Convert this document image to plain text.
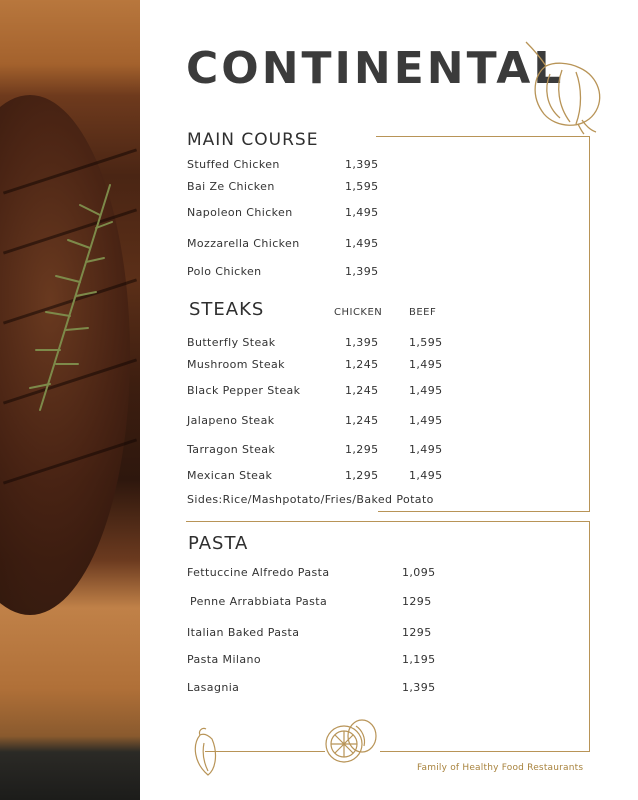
CONTINENTAL
MAIN COURSE
Stuffed Chicken	1,395
Bai Ze Chicken	1,595
Napoleon Chicken	1,495
Mozzarella Chicken	1,495
Polo Chicken	1,395
STEAKS	CHICKEN	BEEF
Butterfly Steak	1,395	1,595
Mushroom Steak	1,245	1,495
Black Pepper Steak	1,245	1,495
Jalapeno Steak	1,245	1,495
Tarragon Steak	1,295	1,495
Mexican Steak	1,295	1,495
Sides:Rice/Mashpotato/Fries/Baked Potato
PASTA
Fettuccine Alfredo Pasta	1,095
Penne Arrabbiata Pasta	1295
Italian Baked Pasta	1295
Pasta Milano	1,195
Lasagnia	1,395
Family of Healthy Food Restaurants
